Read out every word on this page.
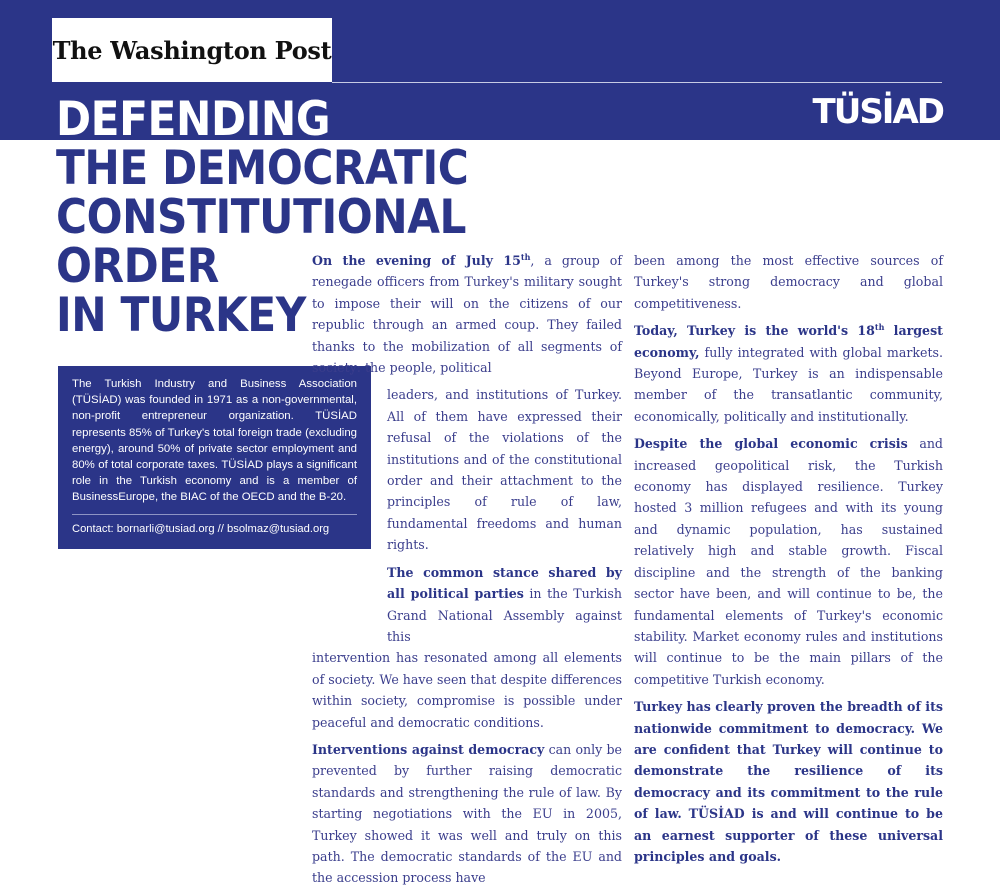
The Washington Post
TÜSİAD
DEFENDING
THE DEMOCRATIC
CONSTITUTIONAL
ORDER
IN TURKEY

The Turkish Industry and Business Association (TÜSİAD) was founded in 1971 as a non-governmental, non-profit entrepreneur organization. TÜSİAD represents 85% of Turkey's total foreign trade (excluding energy), around 50% of private sector employment and 80% of total corporate taxes. TÜSİAD plays a significant role in the Turkish economy and is a member of BusinessEurope, the BIAC of the OECD and the B-20.

Contact: bornarli@tusiad.org // bsolmaz@tusiad.org

On the evening of July 15th, a group of renegade officers from Turkey's military sought to impose their will on the citizens of our republic through an armed coup. They failed thanks to the mobilization of all segments of society: the people, political

leaders, and institutions of Turkey. All of them have expressed their refusal of the violations of the institutions and of the constitutional order and their attachment to the principles of rule of law, fundamental freedoms and human rights.

The common stance shared by all political parties in the Turkish Grand National Assembly against this

intervention has resonated among all elements of society. We have seen that despite differences within society, compromise is possible under peaceful and democratic conditions.

Interventions against democracy can only be prevented by further raising democratic standards and strengthening the rule of law. By starting negotiations with the EU in 2005, Turkey showed it was well and truly on this path. The democratic standards of the EU and the accession process have

been among the most effective sources of Turkey's strong democracy and global competitiveness.

Today, Turkey is the world's 18th largest economy, fully integrated with global markets. Beyond Europe, Turkey is an indispensable member of the transatlantic community, economically, politically and institutionally.

Despite the global economic crisis and increased geopolitical risk, the Turkish economy has displayed resilience. Turkey hosted 3 million refugees and with its young and dynamic population, has sustained relatively high and stable growth. Fiscal discipline and the strength of the banking sector have been, and will continue to be, the fundamental elements of Turkey's economic stability. Market economy rules and institutions will continue to be the main pillars of the competitive Turkish economy.

Turkey has clearly proven the breadth of its nationwide commitment to democracy. We are confident that Turkey will continue to demonstrate the resilience of its democracy and its commitment to the rule of law. TÜSİAD is and will continue to be an earnest supporter of these universal principles and goals.
